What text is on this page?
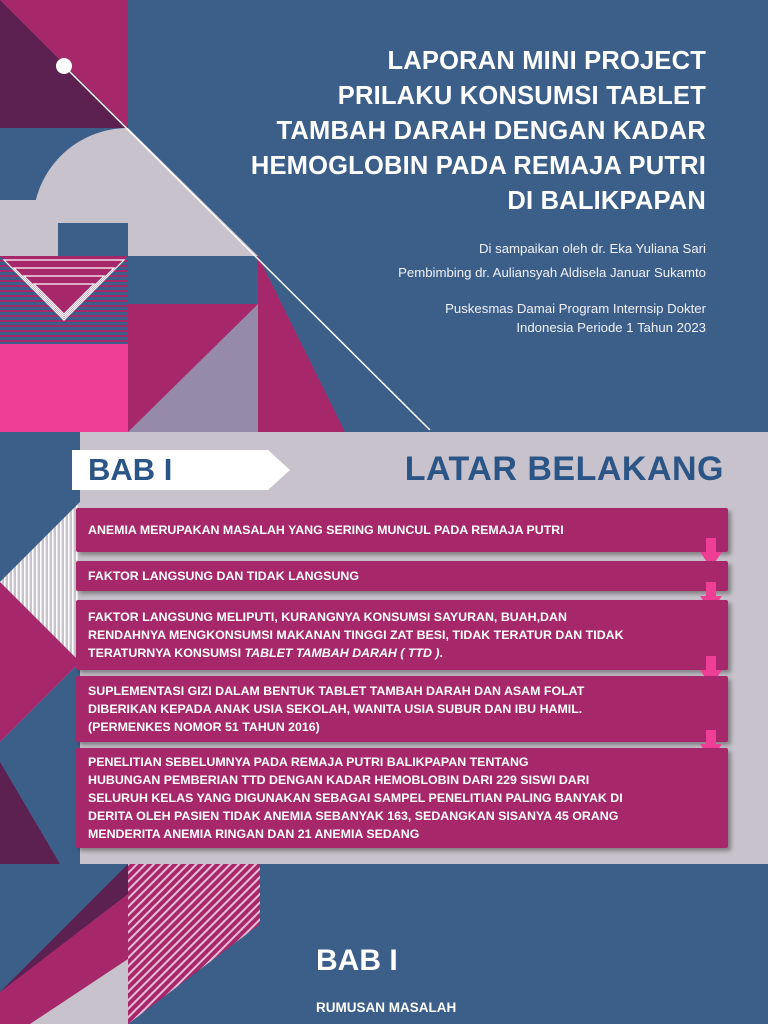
LAPORAN MINI PROJECT
PRILAKU KONSUMSI TABLET
TAMBAH DARAH DENGAN KADAR
HEMOGLOBIN PADA REMAJA PUTRI
DI BALIKPAPAN
Di sampaikan oleh dr. Eka Yuliana Sari
Pembimbing dr. Auliansyah Aldisela Januar Sukamto
Puskesmas Damai Program Internsip Dokter
Indonesia Periode 1 Tahun 2023
BAB I	LATAR BELAKANG
ANEMIA MERUPAKAN MASALAH YANG SERING MUNCUL PADA REMAJA PUTRI
FAKTOR LANGSUNG DAN TIDAK LANGSUNG
FAKTOR LANGSUNG MELIPUTI, KURANGNYA KONSUMSI SAYURAN, BUAH,DAN
RENDAHNYA MENGKONSUMSI MAKANAN TINGGI ZAT BESI, TIDAK TERATUR DAN TIDAK
TERATURNYA KONSUMSI TABLET TAMBAH DARAH ( TTD ).
SUPLEMENTASI GIZI DALAM BENTUK TABLET TAMBAH DARAH DAN ASAM FOLAT
DIBERIKAN KEPADA ANAK USIA SEKOLAH, WANITA USIA SUBUR DAN IBU HAMIL.
(PERMENKES NOMOR 51 TAHUN 2016)
PENELITIAN SEBELUMNYA PADA REMAJA PUTRI BALIKPAPAN TENTANG
HUBUNGAN PEMBERIAN TTD DENGAN KADAR HEMOBLOBIN DARI 229 SISWI DARI
SELURUH KELAS YANG DIGUNAKAN SEBAGAI SAMPEL PENELITIAN PALING BANYAK DI
DERITA OLEH PASIEN TIDAK ANEMIA SEBANYAK 163, SEDANGKAN SISANYA 45 ORANG
MENDERITA ANEMIA RINGAN DAN 21 ANEMIA SEDANG
BAB I
RUMUSAN MASALAH
